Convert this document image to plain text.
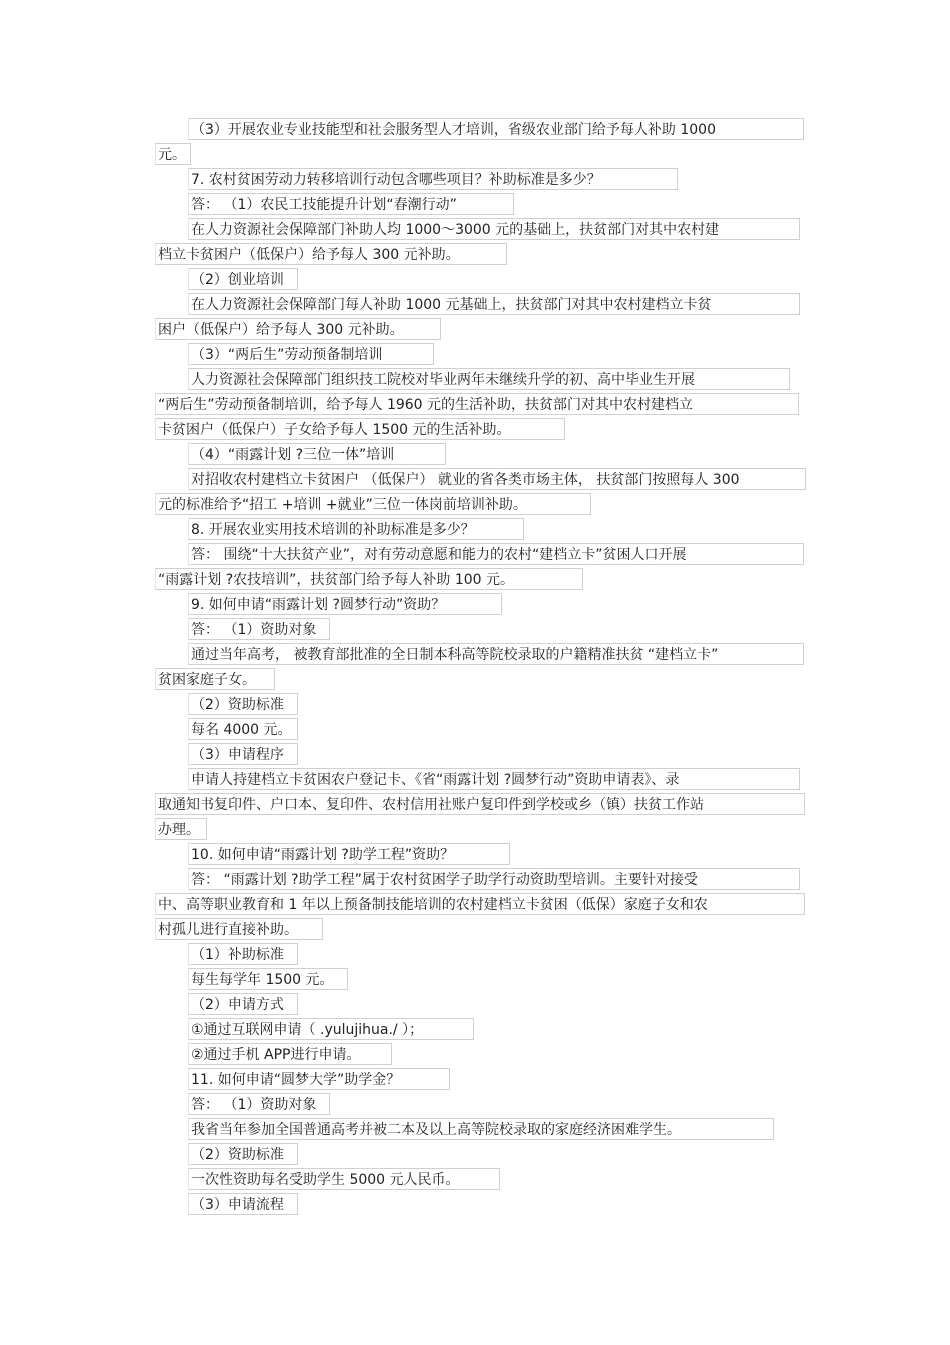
（3）开展农业专业技能型和社会服务型人才培训，省级农业部门给予每人补助 1000
元。
7. 农村贫困劳动力转移培训行动包含哪些项目？补助标准是多少？
答： （1）农民工技能提升计划“春潮行动”
在人力资源社会保障部门补助人均 1000～3000 元的基础上，扶贫部门对其中农村建
档立卡贫困户（低保户）给予每人 300 元补助。
（2）创业培训
在人力资源社会保障部门每人补助 1000 元基础上，扶贫部门对其中农村建档立卡贫
困户（低保户）给予每人 300 元补助。
（3）“两后生”劳动预备制培训
人力资源社会保障部门组织技工院校对毕业两年未继续升学的初、高中毕业生开展
“两后生”劳动预备制培训，给予每人 1960 元的生活补助，扶贫部门对其中农村建档立
卡贫困户（低保户）子女给予每人 1500 元的生活补助。
（4）“雨露计划 ?三位一体”培训
对招收农村建档立卡贫困户 （低保户） 就业的省各类市场主体， 扶贫部门按照每人 300
元的标准给予“招工 +培训 +就业”三位一体岗前培训补助。
8. 开展农业实用技术培训的补助标准是多少？
答： 围绕“十大扶贫产业”，对有劳动意愿和能力的农村“建档立卡”贫困人口开展
“雨露计划 ?农技培训”，扶贫部门给予每人补助 100 元。
9. 如何申请“雨露计划 ?圆梦行动”资助？
答： （1）资助对象
通过当年高考， 被教育部批准的全日制本科高等院校录取的户籍精准扶贫 “建档立卡”
贫困家庭子女。
（2）资助标准
每名 4000 元。
（3）申请程序
申请人持建档立卡贫困农户登记卡、《省“雨露计划 ?圆梦行动”资助申请表》、录
取通知书复印件、户口本、复印件、农村信用社账户复印件到学校或乡（镇）扶贫工作站
办理。
10. 如何申请“雨露计划 ?助学工程”资助？
答： “雨露计划 ?助学工程”属于农村贫困学子助学行动资助型培训。主要针对接受
中、高等职业教育和 1 年以上预备制技能培训的农村建档立卡贫困（低保）家庭子女和农
村孤儿进行直接补助。
（1）补助标准
每生每学年 1500 元。
（2）申请方式
①通过互联网申请（ .yulujihua./ ）；
②通过手机 APP进行申请。
11. 如何申请“圆梦大学”助学金？
答： （1）资助对象
我省当年参加全国普通高考并被二本及以上高等院校录取的家庭经济困难学生。
（2）资助标准
一次性资助每名受助学生 5000 元人民币。
（3）申请流程
